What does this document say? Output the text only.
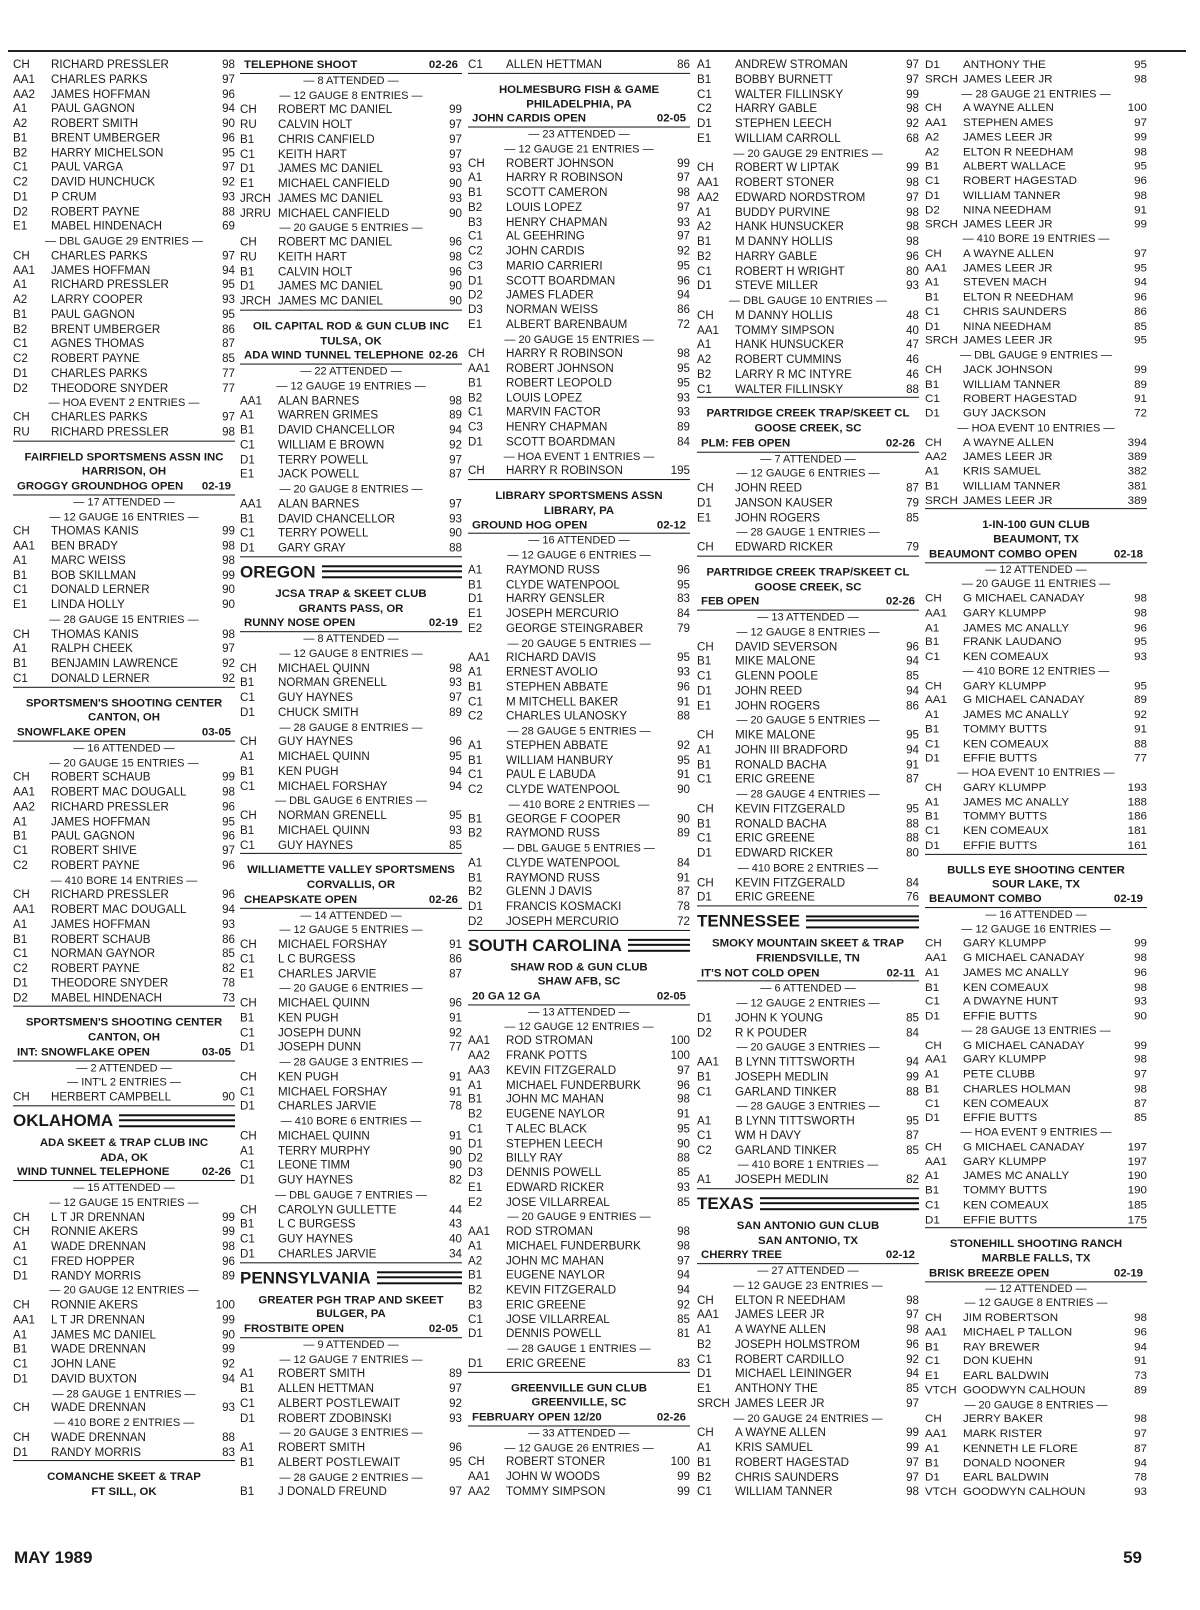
CH	RICHARD PRESSLER	98
AA1	CHARLES PARKS	97
AA2	JAMES HOFFMAN	96
A1	PAUL GAGNON	94
A2	ROBERT SMITH	90
B1	BRENT UMBERGER	96
B2	HARRY MICHELSON	95
C1	PAUL VARGA	97
C2	DAVID HUNCHUCK	92
D1	P CRUM	93
D2	ROBERT PAYNE	88
E1	MABEL HINDENACH	69
— DBL GAUGE 29 ENTRIES —
CH	CHARLES PARKS	97
AA1	JAMES HOFFMAN	94
A1	RICHARD PRESSLER	95
A2	LARRY COOPER	93
B1	PAUL GAGNON	95
B2	BRENT UMBERGER	86
C1	AGNES THOMAS	87
C2	ROBERT PAYNE	85
D1	CHARLES PARKS	77
D2	THEODORE SNYDER	77
— HOA EVENT 2 ENTRIES —
CH	CHARLES PARKS	97
RU	RICHARD PRESSLER	98
FAIRFIELD SPORTSMENS ASSN INC
HARRISON, OH
GROGGY GROUNDHOG OPEN 02-19
— 17 ATTENDED —
— 12 GAUGE 16 ENTRIES —
CH	THOMAS KANIS	99
AA1	BEN BRADY	98
A1	MARC WEISS	98
B1	BOB SKILLMAN	99
C1	DONALD LERNER	90
E1	LINDA HOLLY	90
— 28 GAUGE 15 ENTRIES —
CH	THOMAS KANIS	98
A1	RALPH CHEEK	97
B1	BENJAMIN LAWRENCE	92
C1	DONALD LERNER	92
SPORTSMEN'S SHOOTING CENTER
CANTON, OH
SNOWFLAKE OPEN	03-05
— 16 ATTENDED —
— 20 GAUGE 15 ENTRIES —
CH	ROBERT SCHAUB	99
AA1	ROBERT MAC DOUGALL	98
AA2	RICHARD PRESSLER	96
A1	JAMES HOFFMAN	95
B1	PAUL GAGNON	96
C1	ROBERT SHIVE	97
C2	ROBERT PAYNE	96
— 410 BORE 14 ENTRIES —
CH	RICHARD PRESSLER	96
AA1	ROBERT MAC DOUGALL	94
A1	JAMES HOFFMAN	93
B1	ROBERT SCHAUB	86
C1	NORMAN GAYNOR	85
C2	ROBERT PAYNE	82
D1	THEODORE SNYDER	78
D2	MABEL HINDENACH	73
SPORTSMEN'S SHOOTING CENTER
CANTON, OH
INT: SNOWFLAKE OPEN	03-05
— 2 ATTENDED —
— INT'L 2 ENTRIES —
CH	HERBERT CAMPBELL	90
OKLAHOMA
ADA SKEET & TRAP CLUB INC
ADA, OK
WIND TUNNEL TELEPHONE	02-26
— 15 ATTENDED —
— 12 GAUGE 15 ENTRIES —
CH	L T JR DRENNAN	99
CH	RONNIE AKERS	99
A1	WADE DRENNAN	98
C1	FRED HOPPER	96
D1	RANDY MORRIS	89
— 20 GAUGE 12 ENTRIES —
CH	RONNIE AKERS	100
AA1	L T JR DRENNAN	99
A1	JAMES MC DANIEL	90
B1	WADE DRENNAN	99
C1	JOHN LANE	92
D1	DAVID BUXTON	94
— 28 GAUGE 1 ENTRIES —
CH	WADE DRENNAN	93
— 410 BORE 2 ENTRIES —
CH	WADE DRENNAN	88
D1	RANDY MORRIS	83
COMANCHE SKEET & TRAP
FT SILL, OK
TELEPHONE SHOOT	02-26
— 8 ATTENDED —
— 12 GAUGE 8 ENTRIES —
CH	ROBERT MC DANIEL	99
RU	CALVIN HOLT	97
B1	CHRIS CANFIELD	97
C1	KEITH HART	97
D1	JAMES MC DANIEL	93
E1	MICHAEL CANFIELD	90
JRCH JAMES MC DANIEL	93
JRRU MICHAEL CANFIELD	90
— 20 GAUGE 5 ENTRIES —
CH	ROBERT MC DANIEL	96
RU	KEITH HART	98
B1	CALVIN HOLT	96
D1	JAMES MC DANIEL	90
JRCH JAMES MC DANIEL	90
OIL CAPITAL ROD & GUN CLUB INC
TULSA, OK
ADA WIND TUNNEL TELEPHONE 02-26
— 22 ATTENDED —
— 12 GAUGE 19 ENTRIES —
AA1	ALAN BARNES	98
A1	WARREN GRIMES	89
B1	DAVID CHANCELLOR	94
C1	WILLIAM E BROWN	92
D1	TERRY POWELL	97
E1	JACK POWELL	87
— 20 GAUGE 8 ENTRIES —
AA1	ALAN BARNES	97
B1	DAVID CHANCELLOR	93
C1	TERRY POWELL	90
D1	GARY GRAY	88
OREGON
JCSA TRAP & SKEET CLUB
GRANTS PASS, OR
RUNNY NOSE OPEN	02-19
— 8 ATTENDED —
— 12 GAUGE 8 ENTRIES —
CH	MICHAEL QUINN	98
B1	NORMAN GRENELL	93
C1	GUY HAYNES	97
D1	CHUCK SMITH	89
— 28 GAUGE 8 ENTRIES —
CH	GUY HAYNES	96
A1	MICHAEL QUINN	95
B1	KEN PUGH	94
C1	MICHAEL FORSHAY	94
— DBL GAUGE 6 ENTRIES —
CH	NORMAN GRENELL	95
B1	MICHAEL QUINN	93
C1	GUY HAYNES	85
WILLIAMETTE VALLEY SPORTSMENS
CORVALLIS, OR
CHEAPSKATE OPEN	02-26
— 14 ATTENDED —
— 12 GAUGE 5 ENTRIES —
CH	MICHAEL FORSHAY	91
C1	L C BURGESS	86
E1	CHARLES JARVIE	87
— 20 GAUGE 6 ENTRIES —
CH	MICHAEL QUINN	96
B1	KEN PUGH	91
C1	JOSEPH DUNN	92
D1	JOSEPH DUNN	77
— 28 GAUGE 3 ENTRIES —
CH	KEN PUGH	91
C1	MICHAEL FORSHAY	91
D1	CHARLES JARVIE	78
— 410 BORE 6 ENTRIES —
CH	MICHAEL QUINN	91
A1	TERRY MURPHY	90
C1	LEONE TIMM	90
D1	GUY HAYNES	82
— DBL GAUGE 7 ENTRIES —
CH	CAROLYN GULLETTE	44
B1	L C BURGESS	43
C1	GUY HAYNES	40
D1	CHARLES JARVIE	34
PENNSYLVANIA
GREATER PGH TRAP AND SKEET
BULGER, PA
FROSTBITE OPEN	02-05
— 9 ATTENDED —
— 12 GAUGE 7 ENTRIES —
A1	ROBERT SMITH	89
B1	ALLEN HETTMAN	97
C1	ALBERT POSTLEWAIT	92
D1	ROBERT ZDOBINSKI	93
— 20 GAUGE 3 ENTRIES —
A1	ROBERT SMITH	96
B1	ALBERT POSTLEWAIT	95
— 28 GAUGE 2 ENTRIES —
B1	J DONALD FREUND	97
C1	ALLEN HETTMAN	86
HOLMESBURG FISH & GAME
PHILADELPHIA, PA
JOHN CARDIS OPEN	02-05
— 23 ATTENDED —
— 12 GAUGE 21 ENTRIES —
CH	ROBERT JOHNSON	99
A1	HARRY R ROBINSON	97
B1	SCOTT CAMERON	98
B2	LOUIS LOPEZ	97
B3	HENRY CHAPMAN	93
C1	AL GEEHRING	97
C2	JOHN CARDIS	92
C3	MARIO CARRIERI	95
D1	SCOTT BOARDMAN	96
D2	JAMES FLADER	94
D3	NORMAN WEISS	86
E1	ALBERT BARENBAUM	72
— 20 GAUGE 15 ENTRIES —
CH	HARRY R ROBINSON	98
AA1	ROBERT JOHNSON	95
B1	ROBERT LEOPOLD	95
B2	LOUIS LOPEZ	93
C1	MARVIN FACTOR	93
C3	HENRY CHAPMAN	89
D1	SCOTT BOARDMAN	84
— HOA EVENT 1 ENTRIES —
CH	HARRY R ROBINSON	195
LIBRARY SPORTSMENS ASSN
LIBRARY, PA
GROUND HOG OPEN	02-12
— 16 ATTENDED —
— 12 GAUGE 6 ENTRIES —
A1	RAYMOND RUSS	96
B1	CLYDE WATENPOOL	95
D1	HARRY GENSLER	83
E1	JOSEPH MERCURIO	84
E2	GEORGE STEINGRABER	79
— 20 GAUGE 5 ENTRIES —
AA1	RICHARD DAVIS	95
A1	ERNEST AVOLIO	93
B1	STEPHEN ABBATE	96
C1	M MITCHELL BAKER	91
C2	CHARLES ULANOSKY	88
— 28 GAUGE 5 ENTRIES —
A1	STEPHEN ABBATE	92
B1	WILLIAM HANBURY	95
C1	PAUL E LABUDA	91
C2	CLYDE WATENPOOL	90
— 410 BORE 2 ENTRIES —
B1	GEORGE F COOPER	90
B2	RAYMOND RUSS	89
— DBL GAUGE 5 ENTRIES —
A1	CLYDE WATENPOOL	84
B1	RAYMOND RUSS	91
B2	GLENN J DAVIS	87
D1	FRANCIS KOSMACKI	78
D2	JOSEPH MERCURIO	72
SOUTH CAROLINA
SHAW ROD & GUN CLUB
SHAW AFB, SC
20 GA 12 GA	02-05
— 13 ATTENDED —
— 12 GAUGE 12 ENTRIES —
AA1	ROD STROMAN	100
AA2	FRANK POTTS	100
AA3	KEVIN FITZGERALD	97
A1	MICHAEL FUNDERBURK	96
B1	JOHN MC MAHAN	98
B2	EUGENE NAYLOR	91
C1	T ALEC BLACK	95
D1	STEPHEN LEECH	90
D2	BILLY RAY	88
D3	DENNIS POWELL	85
E1	EDWARD RICKER	93
E2	JOSE VILLARREAL	85
— 20 GAUGE 9 ENTRIES —
AA1	ROD STROMAN	98
A1	MICHAEL FUNDERBURK	98
A2	JOHN MC MAHAN	97
B1	EUGENE NAYLOR	94
B2	KEVIN FITZGERALD	94
B3	ERIC GREENE	92
C1	JOSE VILLARREAL	85
D1	DENNIS POWELL	81
— 28 GAUGE 1 ENTRIES —
D1	ERIC GREENE	83
GREENVILLE GUN CLUB
GREENVILLE, SC
FEBRUARY OPEN 12/20	02-26
— 33 ATTENDED —
— 12 GAUGE 26 ENTRIES —
CH	ROBERT STONER	100
AA1	JOHN W WOODS	99
AA2	TOMMY SIMPSON	99
A1	ANDREW STROMAN	97
B1	BOBBY BURNETT	97
C1	WALTER FILLINSKY	99
C2	HARRY GABLE	98
D1	STEPHEN LEECH	92
E1	WILLIAM CARROLL	68
— 20 GAUGE 29 ENTRIES —
CH	ROBERT W LIPTAK	99
AA1	ROBERT STONER	98
AA2	EDWARD NORDSTROM	97
A1	BUDDY PURVINE	98
A2	HANK HUNSUCKER	98
B1	M DANNY HOLLIS	98
B2	HARRY GABLE	96
C1	ROBERT H WRIGHT	80
D1	STEVE MILLER	93
— DBL GAUGE 10 ENTRIES —
CH	M DANNY HOLLIS	48
AA1	TOMMY SIMPSON	40
A1	HANK HUNSUCKER	47
A2	ROBERT CUMMINS	46
B2	LARRY R MC INTYRE	46
C1	WALTER FILLINSKY	88
PARTRIDGE CREEK TRAP/SKEET CL
GOOSE CREEK, SC
PLM: FEB OPEN	02-26
— 7 ATTENDED —
— 12 GAUGE 6 ENTRIES —
CH	JOHN REED	87
D1	JANSON KAUSER	79
E1	JOHN ROGERS	85
— 28 GAUGE 1 ENTRIES —
CH	EDWARD RICKER	79
PARTRIDGE CREEK TRAP/SKEET CL
GOOSE CREEK, SC
FEB OPEN	02-26
— 13 ATTENDED —
— 12 GAUGE 8 ENTRIES —
CH	DAVID SEVERSON	96
B1	MIKE MALONE	94
C1	GLENN POOLE	85
D1	JOHN REED	94
E1	JOHN ROGERS	86
— 20 GAUGE 5 ENTRIES —
CH	MIKE MALONE	95
A1	JOHN III BRADFORD	94
B1	RONALD BACHA	91
C1	ERIC GREENE	87
— 28 GAUGE 4 ENTRIES —
CH	KEVIN FITZGERALD	95
B1	RONALD BACHA	88
C1	ERIC GREENE	88
D1	EDWARD RICKER	80
— 410 BORE 2 ENTRIES —
CH	KEVIN FITZGERALD	84
D1	ERIC GREENE	76
TENNESSEE
SMOKY MOUNTAIN SKEET & TRAP
FRIENDSVILLE, TN
IT'S NOT COLD OPEN	02-11
— 6 ATTENDED —
— 12 GAUGE 2 ENTRIES —
D1	JOHN K YOUNG	85
D2	R K POUDER	84
— 20 GAUGE 3 ENTRIES —
AA1	B LYNN TITTSWORTH	94
B1	JOSEPH MEDLIN	99
C1	GARLAND TINKER	88
— 28 GAUGE 3 ENTRIES —
A1	B LYNN TITTSWORTH	95
C1	WM H DAVY	87
C2	GARLAND TINKER	85
— 410 BORE 1 ENTRIES —
A1	JOSEPH MEDLIN	82
TEXAS
SAN ANTONIO GUN CLUB
SAN ANTONIO, TX
CHERRY TREE	02-12
— 27 ATTENDED —
— 12 GAUGE 23 ENTRIES —
CH	ELTON R NEEDHAM	98
AA1	JAMES LEER JR	97
A1	A WAYNE ALLEN	98
B2	JOSEPH HOLMSTROM	96
C1	ROBERT CARDILLO	92
D1	MICHAEL LEININGER	94
E1	ANTHONY THE	85
SRCH JAMES LEER JR	97
— 20 GAUGE 24 ENTRIES —
CH	A WAYNE ALLEN	99
A1	KRIS SAMUEL	99
B1	ROBERT HAGESTAD	97
B2	CHRIS SAUNDERS	97
C1	WILLIAM TANNER	98
D1	ANTHONY THE	95
SRCH JAMES LEER JR	98
— 28 GAUGE 21 ENTRIES —
CH	A WAYNE ALLEN	100
AA1	STEPHEN AMES	97
A2	JAMES LEER JR	99
A2	ELTON R NEEDHAM	98
B1	ALBERT WALLACE	95
C1	ROBERT HAGESTAD	96
D1	WILLIAM TANNER	98
D2	NINA NEEDHAM	91
SRCH JAMES LEER JR	99
— 410 BORE 19 ENTRIES —
CH	A WAYNE ALLEN	97
AA1	JAMES LEER JR	95
A1	STEVEN MACH	94
B1	ELTON R NEEDHAM	96
C1	CHRIS SAUNDERS	86
D1	NINA NEEDHAM	85
SRCH JAMES LEER JR	95
— DBL GAUGE 9 ENTRIES —
CH	JACK JOHNSON	99
B1	WILLIAM TANNER	89
C1	ROBERT HAGESTAD	91
D1	GUY JACKSON	72
— HOA EVENT 10 ENTRIES —
CH	A WAYNE ALLEN	394
AA2	JAMES LEER JR	389
A1	KRIS SAMUEL	382
B1	WILLIAM TANNER	381
SRCH JAMES LEER JR	389
1-IN-100 GUN CLUB
BEAUMONT, TX
BEAUMONT COMBO OPEN	02-18
— 12 ATTENDED —
— 20 GAUGE 11 ENTRIES —
CH	G MICHAEL CANADAY	98
AA1	GARY KLUMPP	98
A1	JAMES MC ANALLY	96
B1	FRANK LAUDANO	95
C1	KEN COMEAUX	93
— 410 BORE 12 ENTRIES —
CH	GARY KLUMPP	95
AA1	G MICHAEL CANADAY	89
A1	JAMES MC ANALLY	92
B1	TOMMY BUTTS	91
C1	KEN COMEAUX	88
D1	EFFIE BUTTS	77
— HOA EVENT 10 ENTRIES —
CH	GARY KLUMPP	193
A1	JAMES MC ANALLY	188
B1	TOMMY BUTTS	186
C1	KEN COMEAUX	181
D1	EFFIE BUTTS	161
BULLS EYE SHOOTING CENTER
SOUR LAKE, TX
BEAUMONT COMBO	02-19
— 16 ATTENDED —
— 12 GAUGE 16 ENTRIES —
CH	GARY KLUMPP	99
AA1	G MICHAEL CANADAY	98
A1	JAMES MC ANALLY	96
B1	KEN COMEAUX	98
C1	A DWAYNE HUNT	93
D1	EFFIE BUTTS	90
— 28 GAUGE 13 ENTRIES —
CH	G MICHAEL CANADAY	99
AA1	GARY KLUMPP	98
A1	PETE CLUBB	97
B1	CHARLES HOLMAN	98
C1	KEN COMEAUX	87
D1	EFFIE BUTTS	85
— HOA EVENT 9 ENTRIES —
CH	G MICHAEL CANADAY	197
AA1	GARY KLUMPP	197
A1	JAMES MC ANALLY	190
B1	TOMMY BUTTS	190
C1	KEN COMEAUX	185
D1	EFFIE BUTTS	175
STONEHILL SHOOTING RANCH
MARBLE FALLS, TX
BRISK BREEZE OPEN	02-19
— 12 ATTENDED —
— 12 GAUGE 8 ENTRIES —
CH	JIM ROBERTSON	98
AA1	MICHAEL P TALLON	96
B1	RAY BREWER	94
C1	DON KUEHN	91
E1	EARL BALDWIN	73
VTCH GOODWYN CALHOUN	89
— 20 GAUGE 8 ENTRIES —
CH	JERRY BAKER	98
AA1	MARK RISTER	97
A1	KENNETH LE FLORE	87
B1	DONALD NOONER	94
D1	EARL BALDWIN	78
VTCH GOODWYN CALHOUN	93
MAY 1989	59
